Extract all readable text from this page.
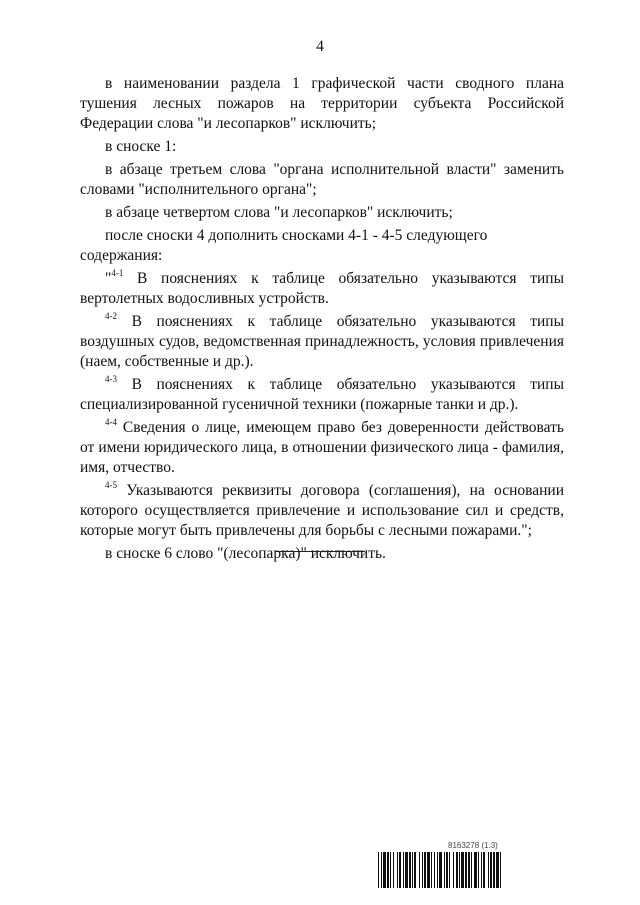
4

в наименовании раздела 1 графической части сводного плана тушения лесных пожаров на территории субъекта Российской Федерации слова "и лесопарков" исключить;

в сноске 1:

в абзаце третьем слова "органа исполнительной власти" заменить словами "исполнительного органа";

в абзаце четвертом слова "и лесопарков" исключить;

после сноски 4 дополнить сносками 4-1 - 4-5 следующего содержания:

"$^{4-1}$ В пояснениях к таблице обязательно указываются типы вертолетных водосливных устройств.

$^{4-2}$ В пояснениях к таблице обязательно указываются типы воздушных судов, ведомственная принадлежность, условия привлечения (наем, собственные и др.).

$^{4-3}$ В пояснениях к таблице обязательно указываются типы специализированной гусеничной техники (пожарные танки и др.).

$^{4-4}$ Сведения о лице, имеющем право без доверенности действовать от имени юридического лица, в отношении физического лица - фамилия, имя, отчество.

$^{4-5}$ Указываются реквизиты договора (соглашения), на основании которого осуществляется привлечение и использование сил и средств, которые могут быть привлечены для борьбы с лесными пожарами.";

в сноске 6 слово "(лесопарка)" исключить.

8163278 (1.3)
